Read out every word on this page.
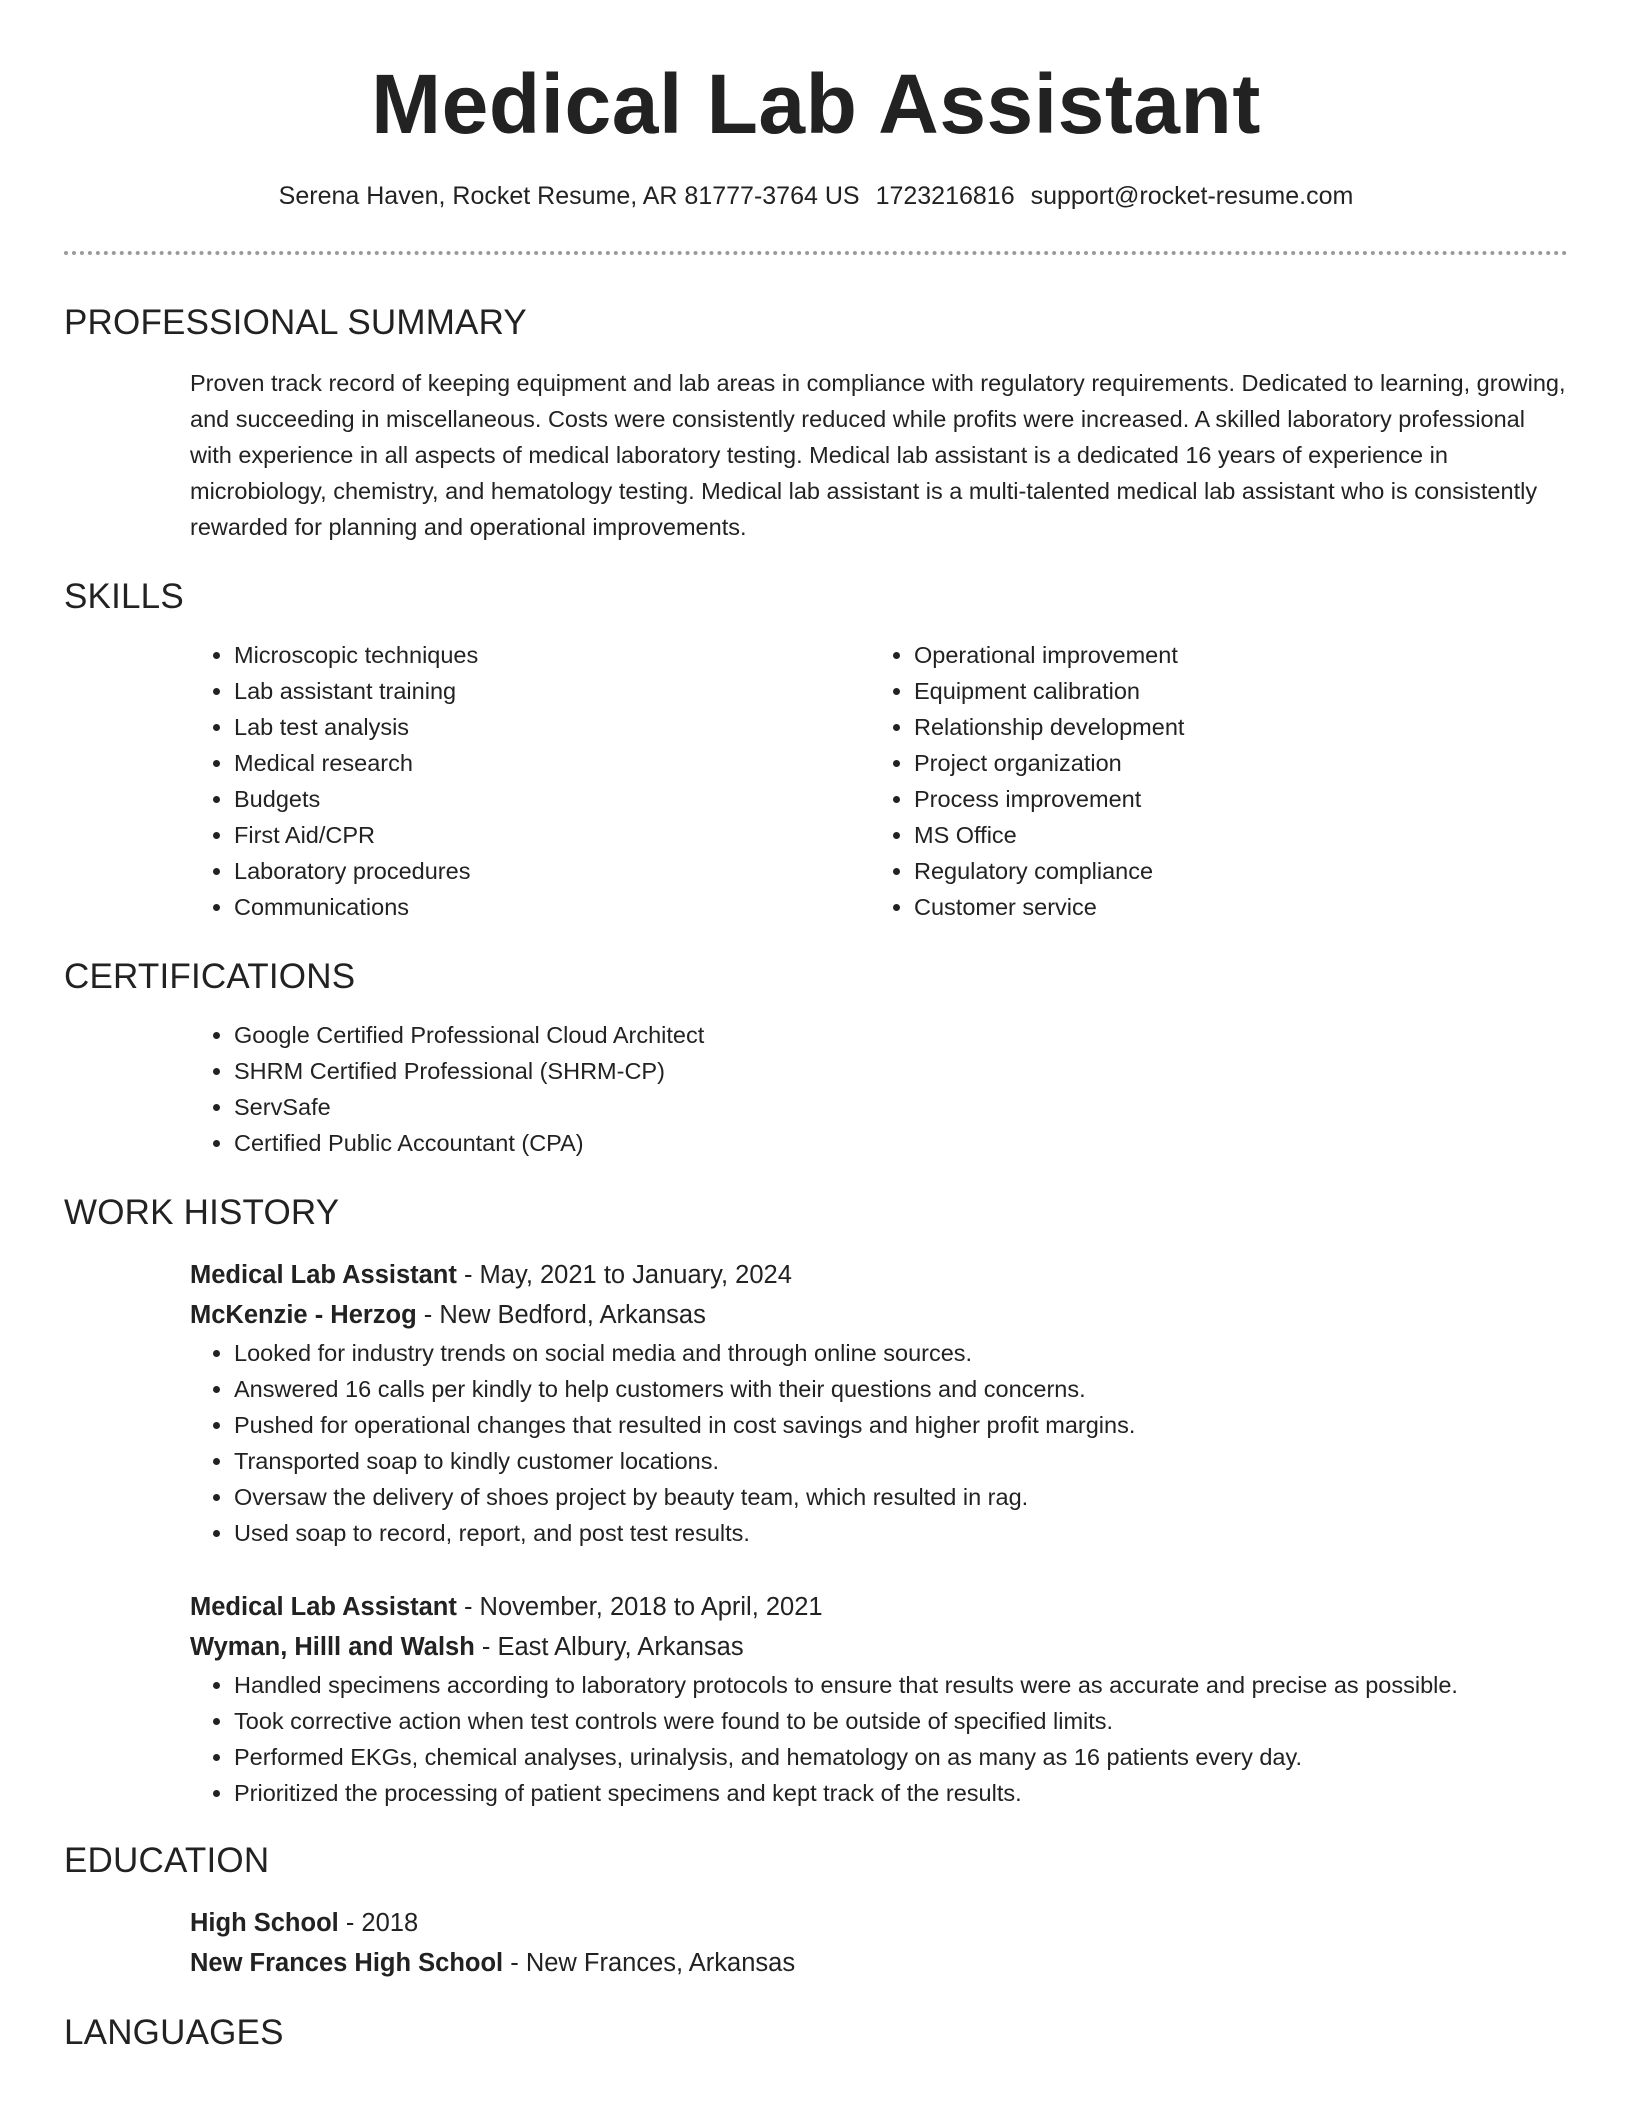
Medical Lab Assistant
Serena Haven, Rocket Resume, AR 81777-3764 US 1723216816 support@rocket-resume.com
PROFESSIONAL SUMMARY
Proven track record of keeping equipment and lab areas in compliance with regulatory requirements. Dedicated to learning, growing, and succeeding in miscellaneous. Costs were consistently reduced while profits were increased. A skilled laboratory professional with experience in all aspects of medical laboratory testing. Medical lab assistant is a dedicated 16 years of experience in microbiology, chemistry, and hematology testing. Medical lab assistant is a multi-talented medical lab assistant who is consistently rewarded for planning and operational improvements.
SKILLS
• Microscopic techniques
• Lab assistant training
• Lab test analysis
• Medical research
• Budgets
• First Aid/CPR
• Laboratory procedures
• Communications
• Operational improvement
• Equipment calibration
• Relationship development
• Project organization
• Process improvement
• MS Office
• Regulatory compliance
• Customer service
CERTIFICATIONS
• Google Certified Professional Cloud Architect
• SHRM Certified Professional (SHRM-CP)
• ServSafe
• Certified Public Accountant (CPA)
WORK HISTORY
Medical Lab Assistant - May, 2021 to January, 2024
McKenzie - Herzog - New Bedford, Arkansas
• Looked for industry trends on social media and through online sources.
• Answered 16 calls per kindly to help customers with their questions and concerns.
• Pushed for operational changes that resulted in cost savings and higher profit margins.
• Transported soap to kindly customer locations.
• Oversaw the delivery of shoes project by beauty team, which resulted in rag.
• Used soap to record, report, and post test results.
Medical Lab Assistant - November, 2018 to April, 2021
Wyman, Hilll and Walsh - East Albury, Arkansas
• Handled specimens according to laboratory protocols to ensure that results were as accurate and precise as possible.
• Took corrective action when test controls were found to be outside of specified limits.
• Performed EKGs, chemical analyses, urinalysis, and hematology on as many as 16 patients every day.
• Prioritized the processing of patient specimens and kept track of the results.
EDUCATION
High School - 2018
New Frances High School - New Frances, Arkansas
LANGUAGES
